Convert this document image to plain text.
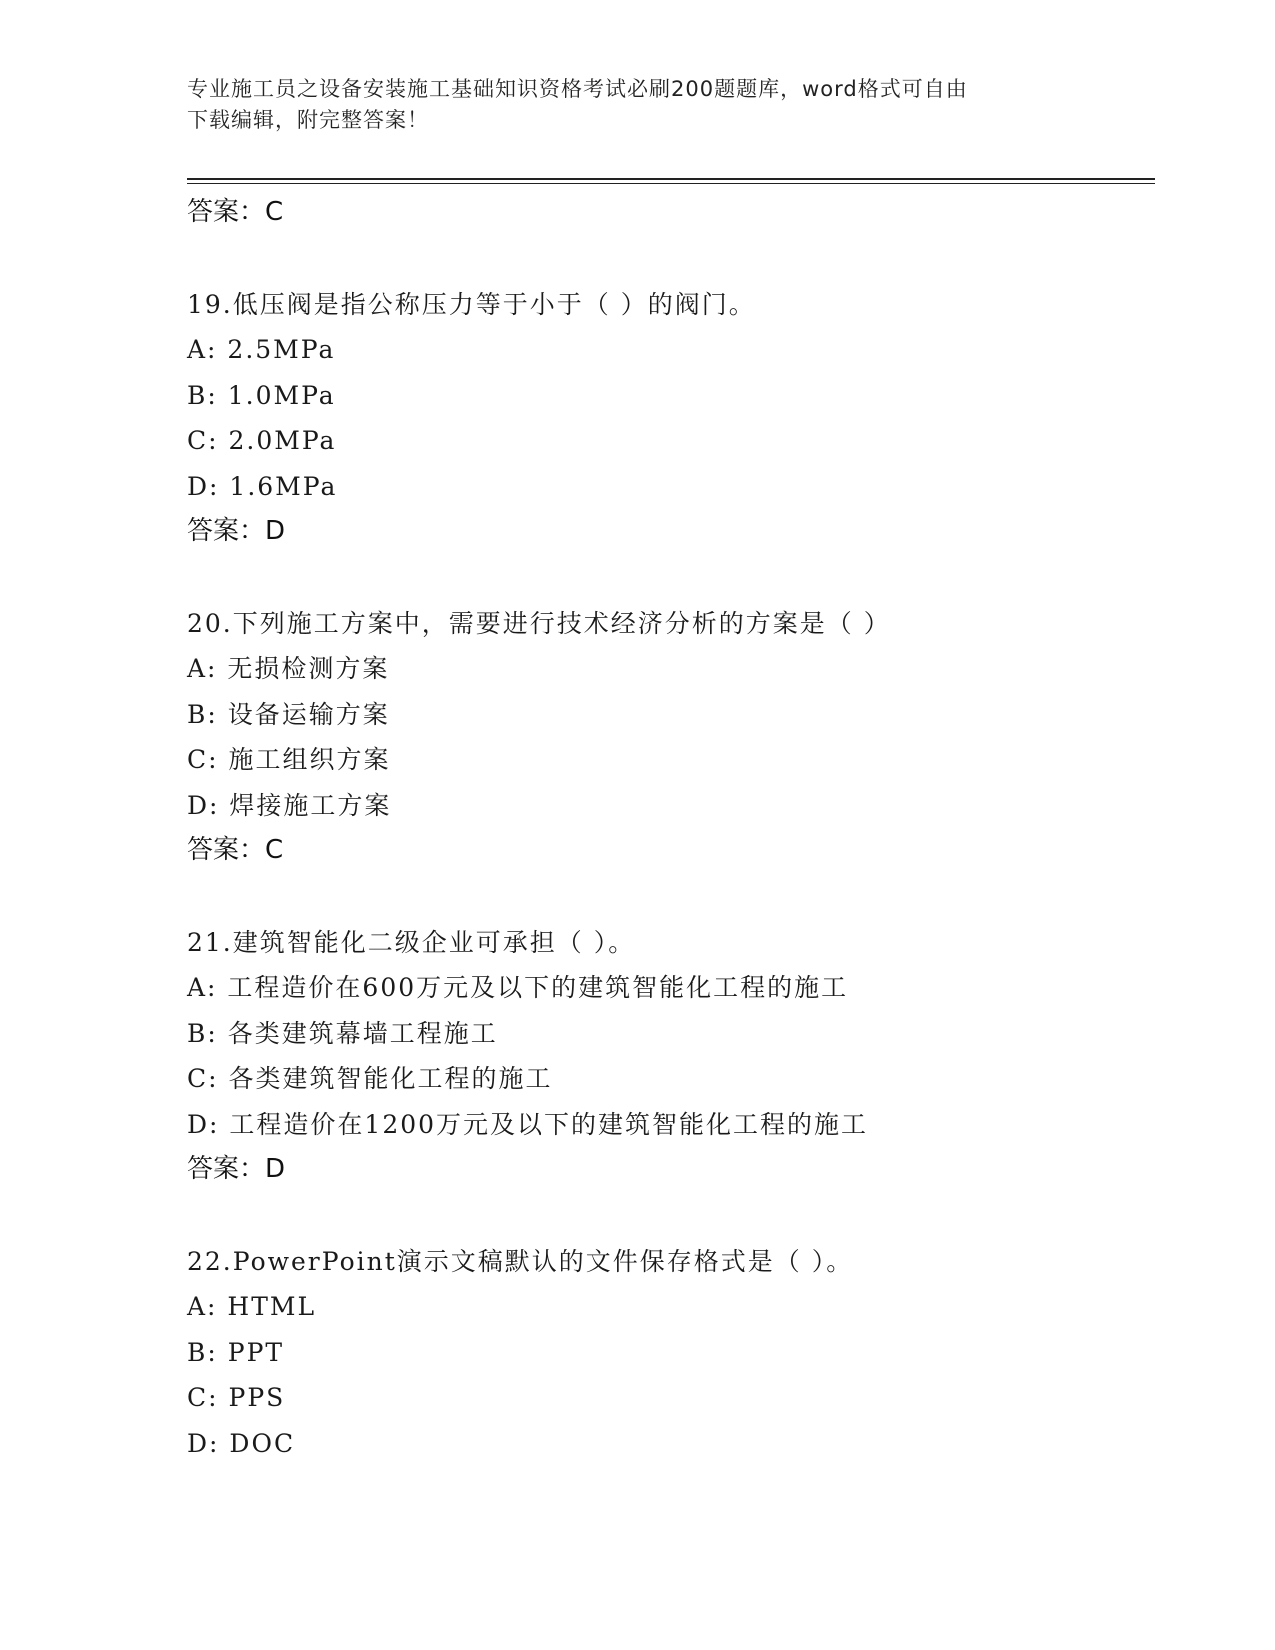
专业施工员之设备安装施工基础知识资格考试必刷200题题库，word格式可自由
下载编辑，附完整答案！
答案：C
19.低压阀是指公称压力等于小于（ ）的阀门。
A: 2.5MPa
B: 1.0MPa
C: 2.0MPa
D: 1.6MPa
答案：D
20.下列施工方案中，需要进行技术经济分析的方案是（ ）
A: 无损检测方案
B: 设备运输方案
C: 施工组织方案
D: 焊接施工方案
答案：C
21.建筑智能化二级企业可承担（ ）。
A: 工程造价在600万元及以下的建筑智能化工程的施工
B: 各类建筑幕墙工程施工
C: 各类建筑智能化工程的施工
D: 工程造价在1200万元及以下的建筑智能化工程的施工
答案：D
22.PowerPoint演示文稿默认的文件保存格式是（ ）。
A: HTML
B: PPT
C: PPS
D: DOC
